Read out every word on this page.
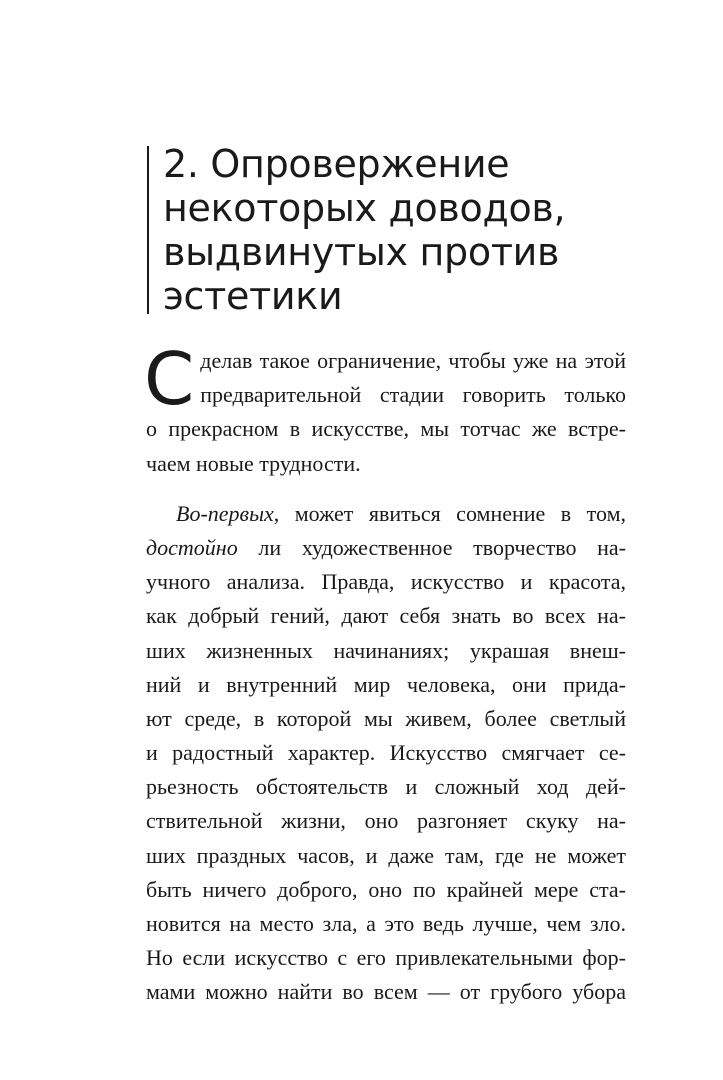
2. Опровержение
некоторых доводов,
выдвинутых против
эстетики
С делав такое ограничение, чтобы уже на этой
предварительной стадии говорить только
о прекрасном в искусстве, мы тотчас же встре-
чаем новые трудности.
Во-первых, может явиться сомнение в том,
достойно ли художественное творчество на-
учного анализа. Правда, искусство и красота,
как добрый гений, дают себя знать во всех на-
ших жизненных начинаниях; украшая внеш-
ний и внутренний мир человека, они прида-
ют среде, в которой мы живем, более светлый
и радостный характер. Искусство смягчает се-
рьезность обстоятельств и сложный ход дей-
ствительной жизни, оно разгоняет скуку на-
ших праздных часов, и даже там, где не может
быть ничего доброго, оно по крайней мере ста-
новится на место зла, а это ведь лучше, чем зло.
Но если искусство с его привлекательными фор-
мами можно найти во всем — от грубого убора
